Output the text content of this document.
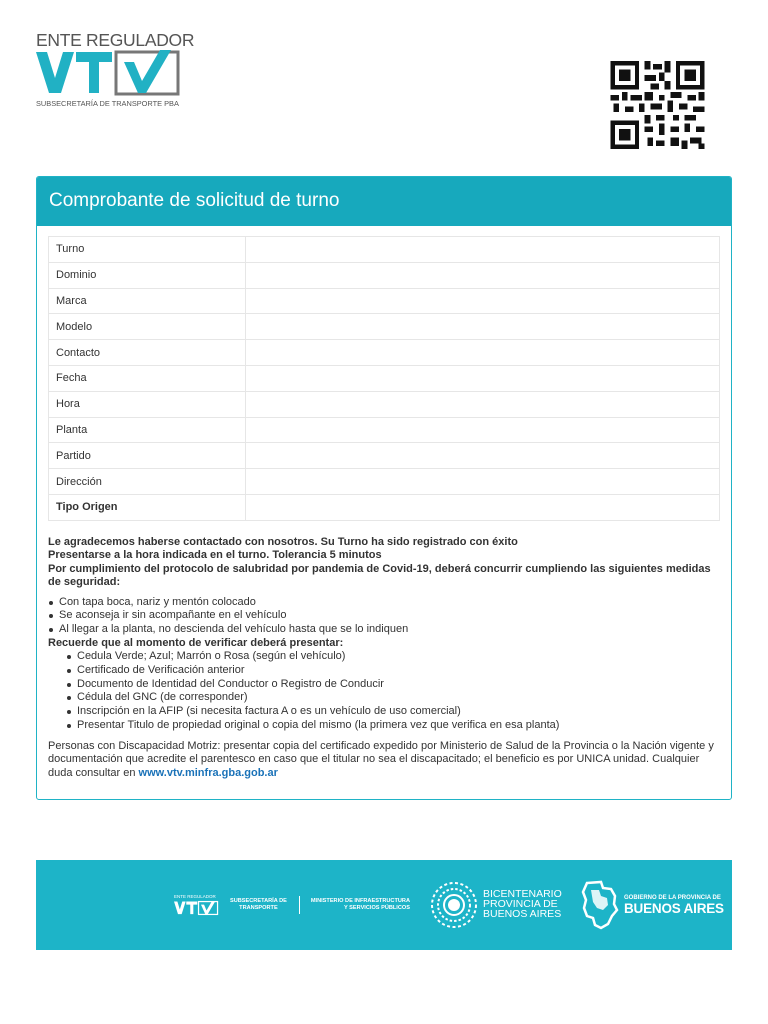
ENTE REGULADOR
SUBSECRETARÍA DE TRANSPORTE PBA
Comprobante de solicitud de turno
Turno	
Dominio	
Marca	
Modelo	
Contacto	
Fecha	
Hora	
Planta	
Partido	
Dirección	
Tipo Origen	
Le agradecemos haberse contactado con nosotros. Su Turno ha sido registrado con éxito
Presentarse a la hora indicada en el turno. Tolerancia 5 minutos
Por cumplimiento del protocolo de salubridad por pandemia de Covid-19, deberá concurrir cumpliendo las siguientes medidas de seguridad:
Con tapa boca, nariz y mentón colocado
Se aconseja ir sin acompañante en el vehículo
Al llegar a la planta, no descienda del vehículo hasta que se lo indiquen
Recuerde que al momento de verificar deberá presentar:
Cedula Verde; Azul; Marrón o Rosa (según el vehículo)
Certificado de Verificación anterior
Documento de Identidad del Conductor o Registro de Conducir
Cédula del GNC (de corresponder)
Inscripción en la AFIP (si necesita factura A o es un vehículo de uso comercial)
Presentar Titulo de propiedad original o copia del mismo (la primera vez que verifica en esa planta)
Personas con Discapacidad Motriz: presentar copia del certificado expedido por Ministerio de Salud de la Provincia o la Nación vigente y documentación que acredite el parentesco en caso que el titular no sea el discapacitado; el beneficio es por UNICA unidad. Cualquier duda consultar en www.vtv.minfra.gba.gob.ar
ENTE REGULADOR
SUBSECRETARÍA DE
TRANSPORTE
MINISTERIO DE INFRAESTRUCTURA
Y SERVICIOS PÚBLICOS
BICENTENARIO
PROVINCIA DE
BUENOS AIRES
GOBIERNO DE LA PROVINCIA DE
BUENOS AIRES
